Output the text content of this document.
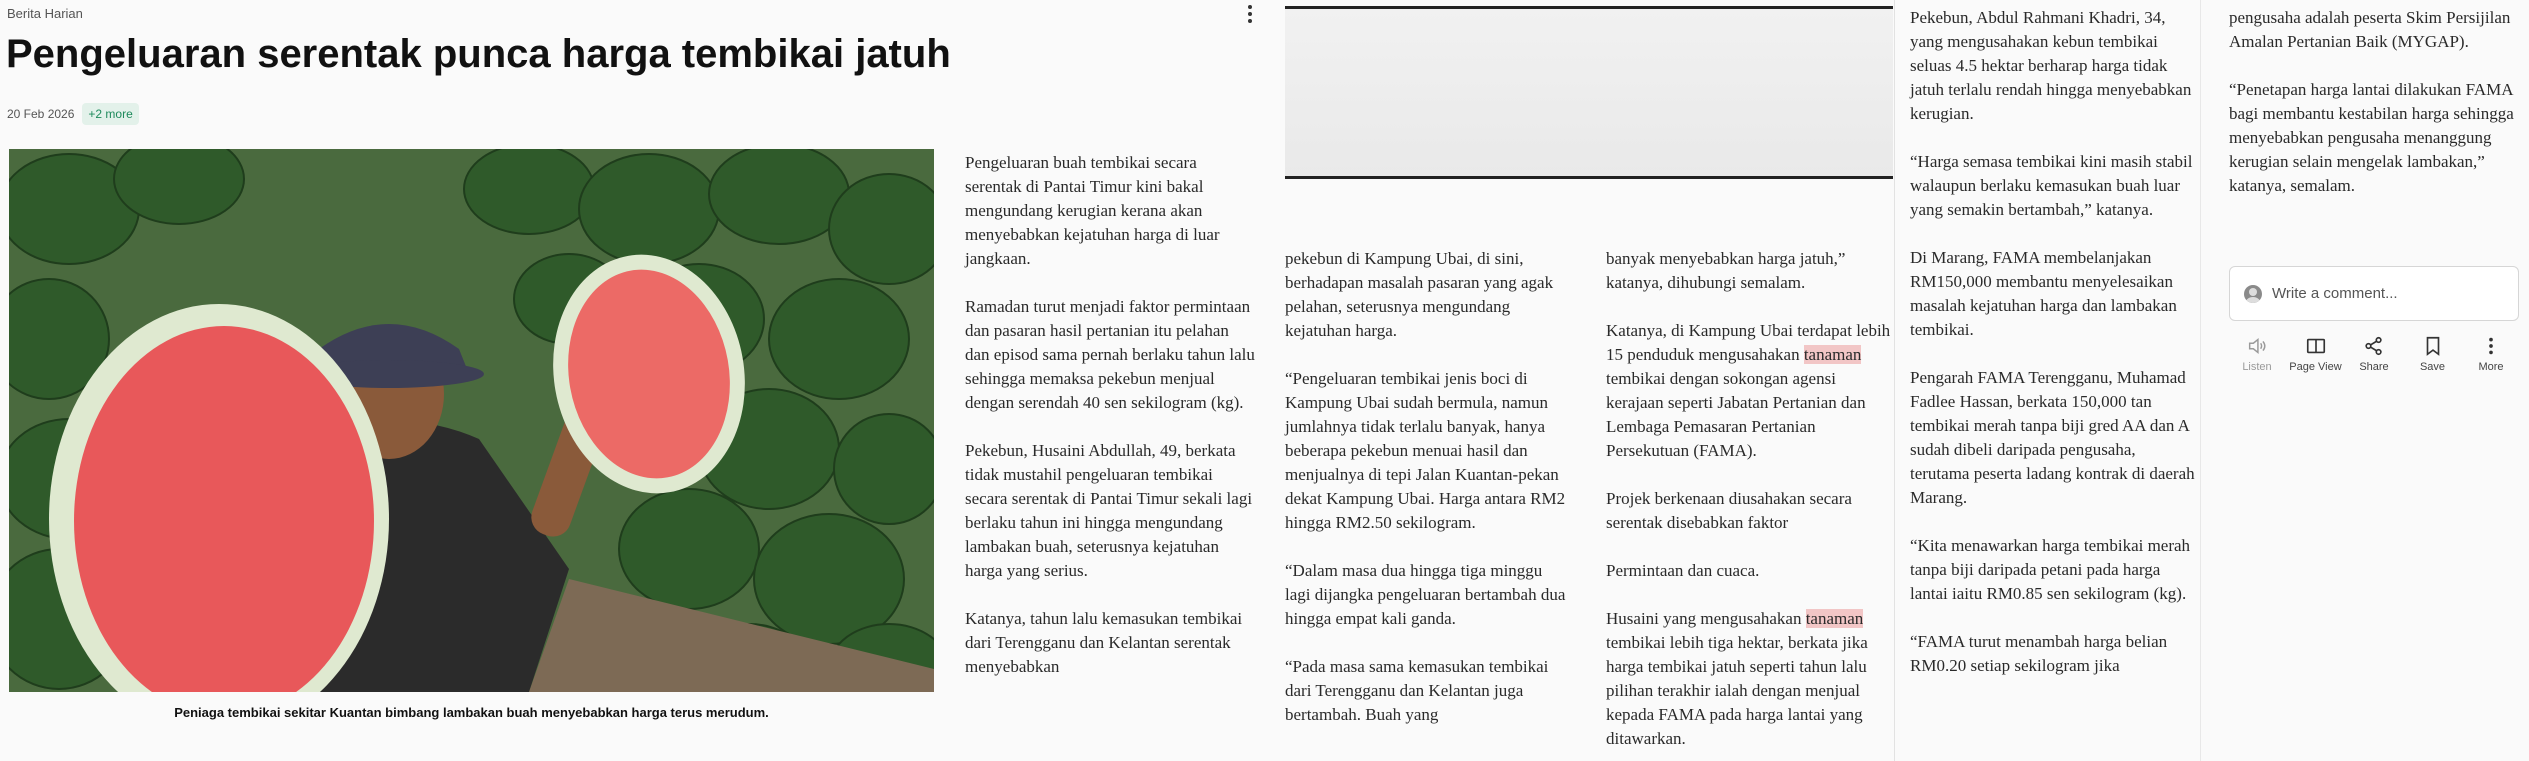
Berita Harian
Pengeluaran serentak punca harga tembikai jatuh
20 Feb 2026	+2 more
Peniaga tembikai sekitar Kuantan bimbang lambakan buah menyebabkan harga terus merudum.

Pengeluaran buah tembikai secara serentak di Pantai Timur kini bakal mengundang kerugian kerana akan menyebabkan kejatuhan harga di luar jangkaan.

Ramadan turut menjadi faktor permintaan dan pasaran hasil pertanian itu pelahan dan episod sama pernah berlaku tahun lalu sehingga memaksa pekebun menjual dengan serendah 40 sen sekilogram (kg).

Pekebun, Husaini Abdullah, 49, berkata tidak mustahil pengeluaran tembikai secara serentak di Pantai Timur sekali lagi berlaku tahun ini hingga mengundang lambakan buah, seterusnya kejatuhan harga yang serius.

Katanya, tahun lalu kemasukan tembikai dari Terengganu dan Kelantan serentak menyebabkan

pekebun di Kampung Ubai, di sini, berhadapan masalah pasaran yang agak pelahan, seterusnya mengundang kejatuhan harga.

“Pengeluaran tembikai jenis boci di Kampung Ubai sudah bermula, namun jumlahnya tidak terlalu banyak, hanya beberapa pekebun menuai hasil dan menjualnya di tepi Jalan Kuantan-pekan dekat Kampung Ubai. Harga antara RM2 hingga RM2.50 sekilogram.

“Dalam masa dua hingga tiga minggu lagi dijangka pengeluaran bertambah dua hingga empat kali ganda.

“Pada masa sama kemasukan tembikai dari Terengganu dan Kelantan juga bertambah. Buah yang

banyak menyebabkan harga jatuh,” katanya, dihubungi semalam.

Katanya, di Kampung Ubai terdapat lebih 15 penduduk mengusahakan tanaman tembikai dengan sokongan agensi kerajaan seperti Jabatan Pertanian dan Lembaga Pemasaran Pertanian Persekutuan (FAMA).

Projek berkenaan diusahakan secara serentak disebabkan faktor

Permintaan dan cuaca.

Husaini yang mengusahakan tanaman tembikai lebih tiga hektar, berkata jika harga tembikai jatuh seperti tahun lalu pilihan terakhir ialah dengan menjual kepada FAMA pada harga lantai yang ditawarkan.

Pekebun, Abdul Rahmani Khadri, 34, yang mengusahakan kebun tembikai seluas 4.5 hektar berharap harga tidak jatuh terlalu rendah hingga menyebabkan kerugian.

“Harga semasa tembikai kini masih stabil walaupun berlaku kemasukan buah luar yang semakin bertambah,” katanya.

Di Marang, FAMA membelanjakan RM150,000 membantu menyelesaikan masalah kejatuhan harga dan lambakan tembikai.

Pengarah FAMA Terengganu, Muhamad Fadlee Hassan, berkata 150,000 tan tembikai merah tanpa biji gred AA dan A sudah dibeli daripada pengusaha, terutama peserta ladang kontrak di daerah Marang.

“Kita menawarkan harga tembikai merah tanpa biji daripada petani pada harga lantai iaitu RM0.85 sen sekilogram (kg).

“FAMA turut menambah harga belian RM0.20 setiap sekilogram jika

pengusaha adalah peserta Skim Persijilan Amalan Pertanian Baik (MYGAP).

“Penetapan harga lantai dilakukan FAMA bagi membantu kestabilan harga sehingga menyebabkan pengusaha menanggung kerugian selain mengelak lambakan,” katanya, semalam.

Write a comment...
Listen Page View Share	Save	More
